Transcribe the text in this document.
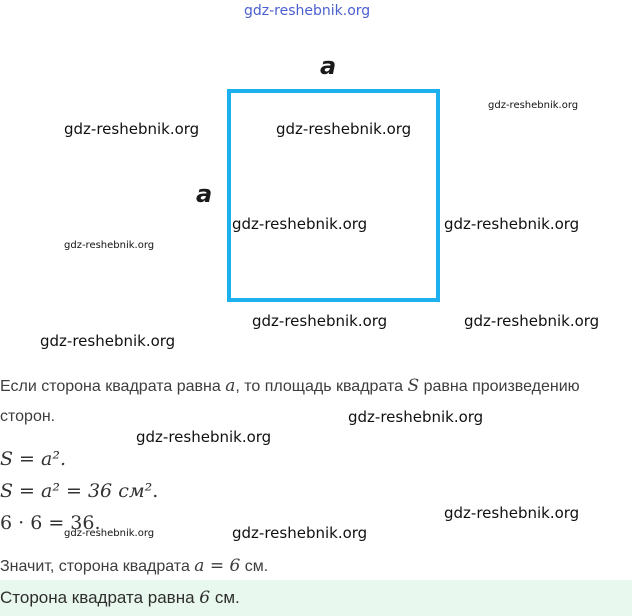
gdz-reshebnik.org
gdz-reshebnik.org
gdz-reshebnik.org	gdz-reshebnik.org
gdz-reshebnik.org	gdz-reshebnik.org
gdz-reshebnik.org
gdz-reshebnik.org	gdz-reshebnik.org
gdz-reshebnik.org
gdz-reshebnik.org
gdz-reshebnik.org
gdz-reshebnik.org
gdz-reshebnik.org	gdz-reshebnik.org
a
a
Если сторона квадрата равна a, то площадь квадрата S равна произведению
сторон.
S = a².
S = a² = 36 см².
6 · 6 = 36.
Значит, сторона квадрата a = 6 см.
Сторона квадрата равна 6 см.
